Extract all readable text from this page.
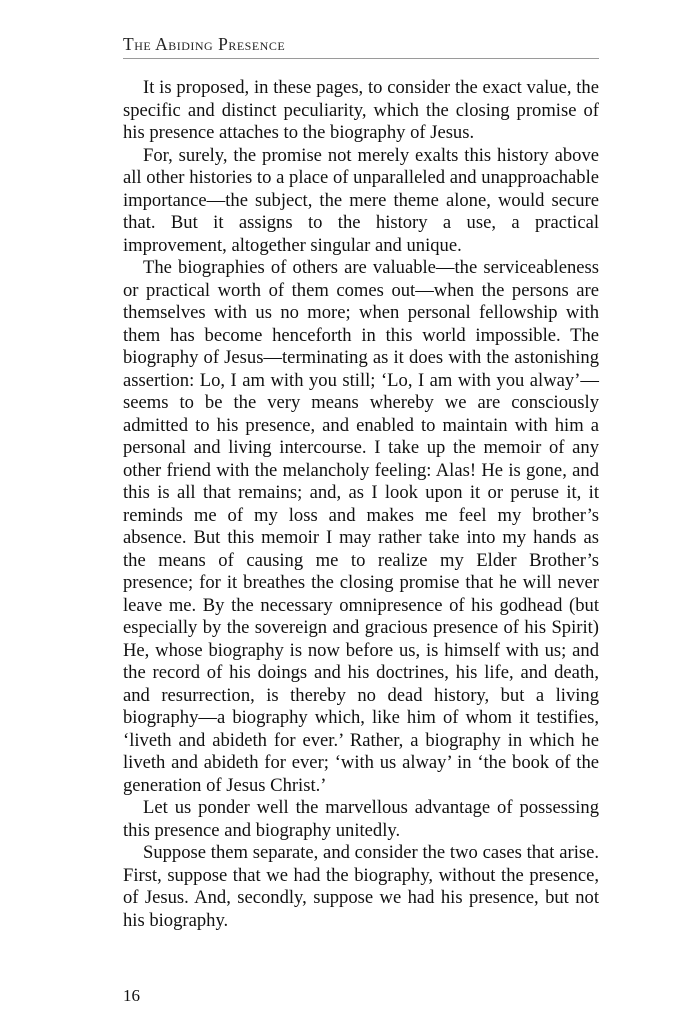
The Abiding Presence

It is proposed, in these pages, to consider the exact value, the specific and distinct peculiarity, which the closing promise of his presence attaches to the biography of Jesus.

For, surely, the promise not merely exalts this history above all other histories to a place of unparalleled and unapproachable importance—the subject, the mere theme alone, would secure that. But it assigns to the history a use, a practical improvement, altogether singular and unique.

The biographies of others are valuable—the serviceableness or practical worth of them comes out—when the persons are themselves with us no more; when personal fellowship with them has become henceforth in this world impossible. The biography of Jesus—terminating as it does with the astonishing assertion: Lo, I am with you still; ‘Lo, I am with you alway’—seems to be the very means whereby we are consciously admitted to his presence, and enabled to maintain with him a personal and living intercourse. I take up the memoir of any other friend with the melancholy feeling: Alas! He is gone, and this is all that remains; and, as I look upon it or peruse it, it reminds me of my loss and makes me feel my brother’s absence. But this memoir I may rather take into my hands as the means of causing me to realize my Elder Brother’s presence; for it breathes the closing promise that he will never leave me. By the necessary omnipresence of his godhead (but especially by the sovereign and gracious presence of his Spirit) He, whose biography is now before us, is himself with us; and the record of his doings and his doctrines, his life, and death, and resurrection, is thereby no dead history, but a living biography—a biography which, like him of whom it testifies, ‘liveth and abideth for ever.’ Rather, a biography in which he liveth and abideth for ever; ‘with us alway’ in ‘the book of the generation of Jesus Christ.’

Let us ponder well the marvellous advantage of possessing this presence and biography unitedly.

Suppose them separate, and consider the two cases that arise. First, suppose that we had the biography, without the presence, of Jesus. And, secondly, suppose we had his presence, but not his biography.

16
